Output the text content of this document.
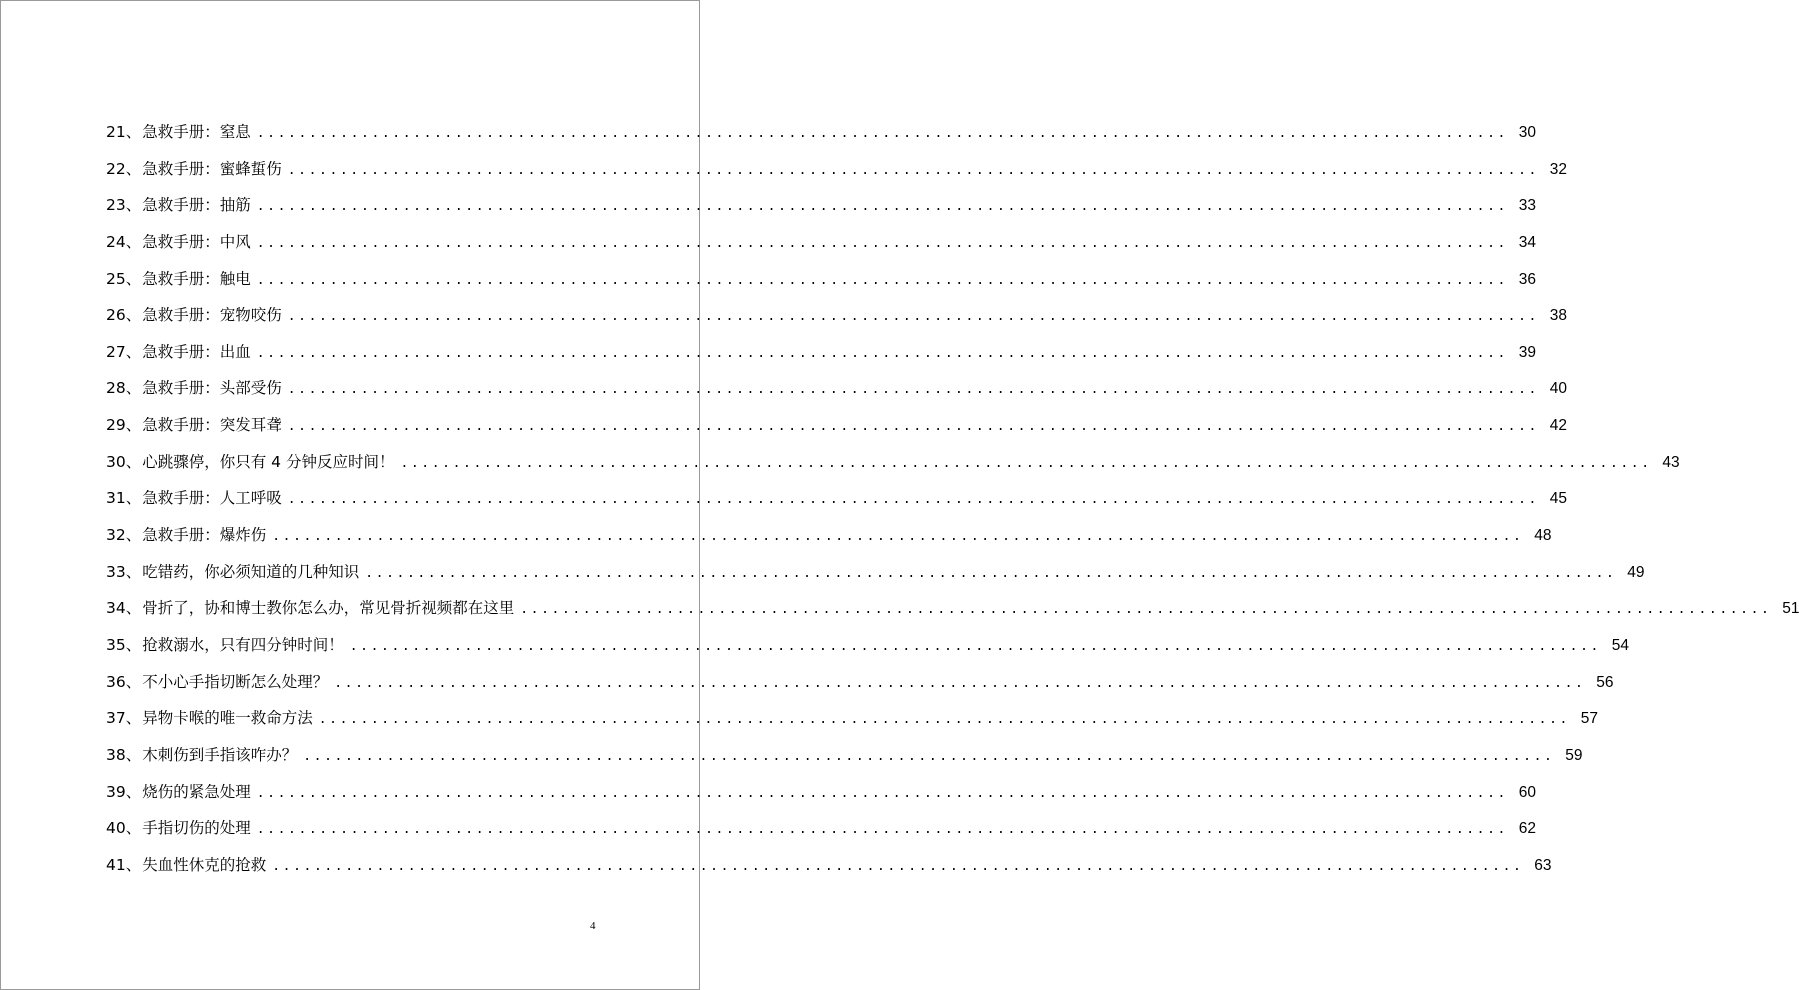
21、 急救手册：窒息 ........................................................................................................................ 30
22、 急救手册：蜜蜂蜇伤 ........................................................................................................................ 32
23、 急救手册：抽筋 ........................................................................................................................ 33
24、 急救手册：中风 ........................................................................................................................ 34
25、 急救手册：触电 ........................................................................................................................ 36
26、 急救手册：宠物咬伤 ........................................................................................................................ 38
27、 急救手册：出血 ........................................................................................................................ 39
28、 急救手册：头部受伤 ........................................................................................................................ 40
29、 急救手册：突发耳聋 ........................................................................................................................ 42
30、 心跳骤停，你只有 4 分钟反应时间！ ........................................................................................................................ 43
31、 急救手册：人工呼吸 ........................................................................................................................ 45
32、 急救手册：爆炸伤 ........................................................................................................................ 48
33、 吃错药，你必须知道的几种知识 ........................................................................................................................ 49
34、 骨折了，协和博士教你怎么办，常见骨折视频都在这里 ........................................................................................................................ 51
35、 抢救溺水，只有四分钟时间！ ........................................................................................................................ 54
36、 不小心手指切断怎么处理？ ........................................................................................................................ 56
37、 异物卡喉的唯一救命方法 ........................................................................................................................ 57
38、 木刺伤到手指该咋办？ ........................................................................................................................ 59
39、 烧伤的紧急处理 ........................................................................................................................ 60
40、 手指切伤的处理 ........................................................................................................................ 62
41、 失血性休克的抢救 ........................................................................................................................ 63
4
